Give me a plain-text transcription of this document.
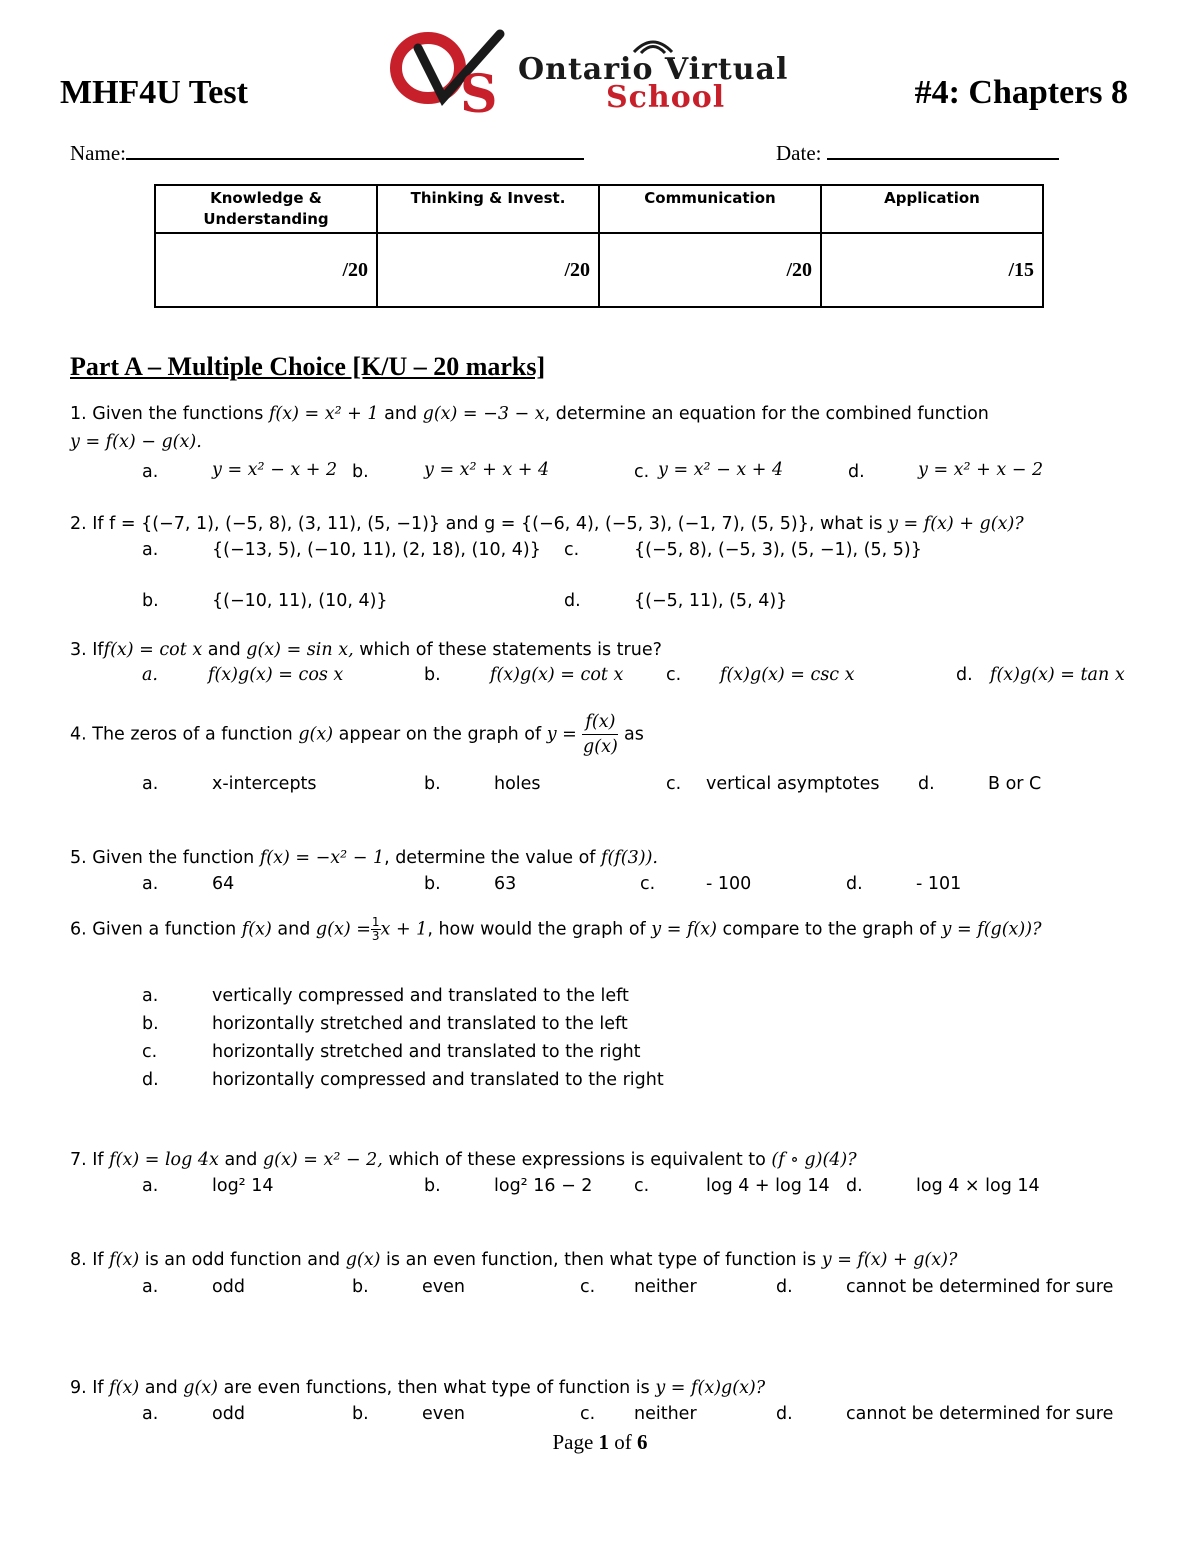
MHF4U Test	S Ontario Virtual
School	#4: Chapters 8
Name:	Date:
Knowledge & Understanding	Thinking & Invest.	Communication	Application
/20	/20	/20	/15
Part A – Multiple Choice [K/U – 20 marks]
1. Given the functions f(x) = x² + 1 and g(x) = −3 − x, determine an equation for the combined function
y = f(x) − g(x).
a.	y = x² − x + 2 b.	y = x² + x + 4	c. y = x² − x + 4	d.	y = x² + x − 2
2. If f = {(−7, 1), (−5, 8), (3, 11), (5, −1)} and g = {(−6, 4), (−5, 3), (−1, 7), (5, 5)}, what is y = f(x) + g(x)?
a.	{(−13, 5), (−10, 11), (2, 18), (10, 4)} c.	{(−5, 8), (−5, 3), (5, −1), (5, 5)}
b.	{(−10, 11), (10, 4)}	d.	{(−5, 11), (5, 4)}
3. Iff(x) = cot x and g(x) = sin x, which of these statements is true?
a.	f(x)g(x) = cos x	b.	f(x)g(x) = cot x c. f(x)g(x) = csc x	d. f(x)g(x) = tan x
4. The zeros of a function g(x) appear on the graph of $y = \frac{f(x)}{g(x)}$ as
a.	x-intercepts	b.	holes	c. vertical asymptotes d.	B or C
5. Given the function f(x) = −x² − 1, determine the value of f(f(3)).
a.	64	b.	63	c.	- 100	d.	- 101
6. Given a function f(x) and $g(x) = \frac{1}{3}x + 1$, how would the graph of y = f(x) compare to the graph of y = f(g(x))?
a.	vertically compressed and translated to the left
b.	horizontally stretched and translated to the left
c.	horizontally stretched and translated to the right
d.	horizontally compressed and translated to the right
7. If f(x) = log 4x and g(x) = x² − 2, which of these expressions is equivalent to (f ∘ g)(4)?
a.	log² 14	b.	log² 16 − 2 c.	log 4 + log 14 d.	log 4 × log 14
8. If f(x) is an odd function and g(x) is an even function, then what type of function is y = f(x) + g(x)?
a.	odd	b.	even	c. neither	d.	cannot be determined for sure
9. If f(x) and g(x) are even functions, then what type of function is y = f(x)g(x)?
a.	odd	b.	even	c. neither	d.	cannot be determined for sure
Page 1 of 6
